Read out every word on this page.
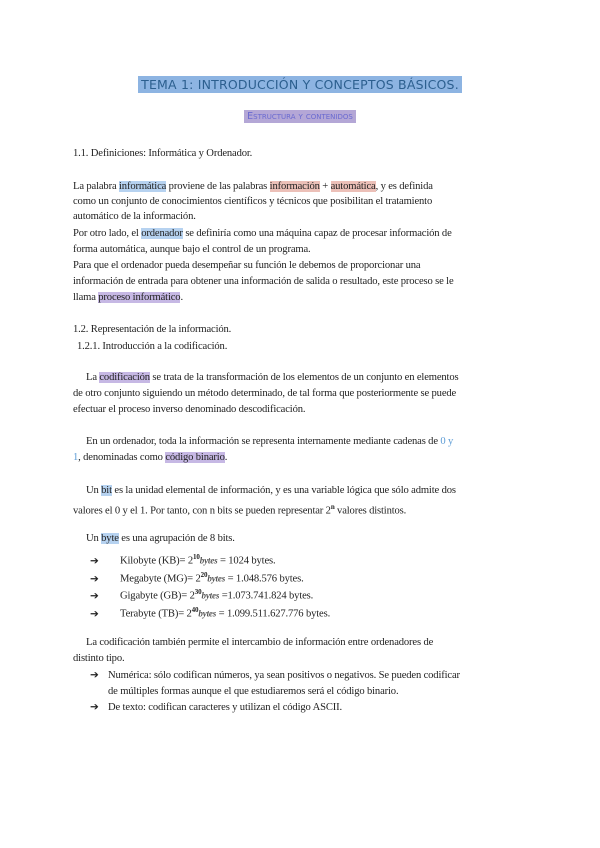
TEMA 1: INTRODUCCIÓN Y CONCEPTOS BÁSICOS.
Estructura y contenidos
1.1. Definiciones: Informática y Ordenador.
La palabra informática proviene de las palabras información + automática, y es definida
como un conjunto de conocimientos científicos y técnicos que posibilitan el tratamiento
automático de la información.
Por otro lado, el ordenador se definiría como una máquina capaz de procesar información de
forma automática, aunque bajo el control de un programa.
Para que el ordenador pueda desempeñar su función le debemos de proporcionar una
información de entrada para obtener una información de salida o resultado, este proceso se le
llama proceso informático.
1.2. Representación de la información.
1.2.1. Introducción a la codificación.
La codificación se trata de la transformación de los elementos de un conjunto en elementos
de otro conjunto siguiendo un método determinado, de tal forma que posteriormente se puede
efectuar el proceso inverso denominado descodificación.
En un ordenador, toda la información se representa internamente mediante cadenas de 0 y
1, denominadas como código binario.
Un bit es la unidad elemental de información, y es una variable lógica que sólo admite dos
valores el 0 y el 1. Por tanto, con n bits se pueden representar 2$^n$ valores distintos.
Un byte es una agrupación de 8 bits.
➔ Kilobyte $(KB)= 2^{10}bytes = 1024$ bytes.
➔ Megabyte $(MG)= 2^{20}bytes = 1.048.576$ bytes.
➔ Gigabyte $(GB)= 2^{30}bytes =1.073.741.824$ bytes.
➔ Terabyte $(TB)= 2^{40}bytes = 1.099.511.627.776$ bytes.
La codificación también permite el intercambio de información entre ordenadores de
distinto tipo.
➔ Numérica: sólo codifican números, ya sean positivos o negativos. Se pueden codificar
de múltiples formas aunque el que estudiaremos será el código binario.
➔ De texto: codifican caracteres y utilizan el código ASCII.
